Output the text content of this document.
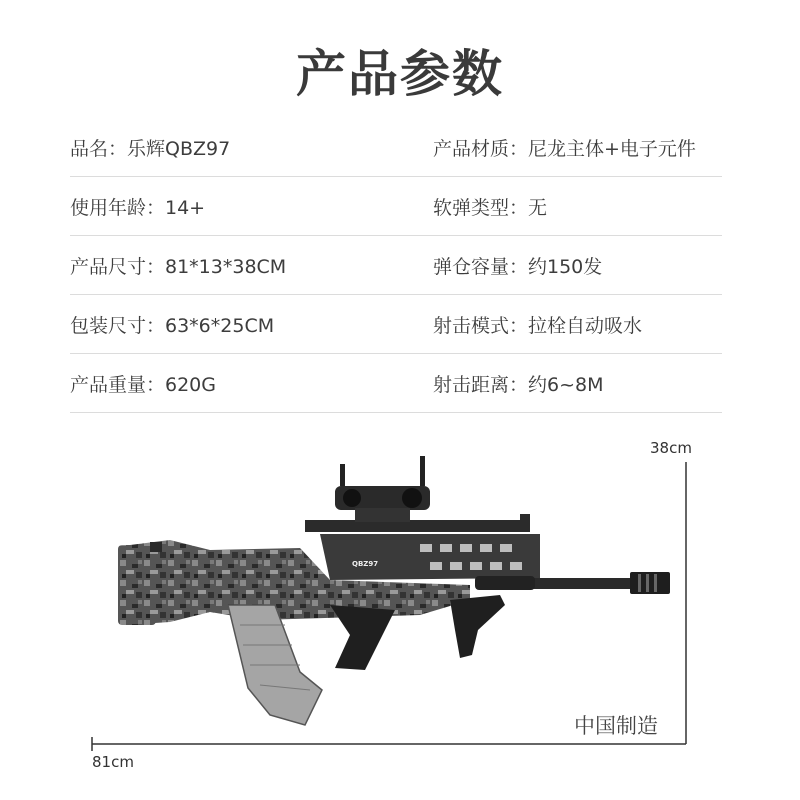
产品参数
品名：乐辉QBZ97	产品材质：尼龙主体+电子元件
使用年龄：14+	软弹类型：无
产品尺寸：81*13*38CM	弹仓容量：约150发
包装尺寸：63*6*25CM	射击模式：拉栓自动吸水
产品重量：620G	射击距离：约6~8M
QBZ97
38cm
81cm
中国制造
